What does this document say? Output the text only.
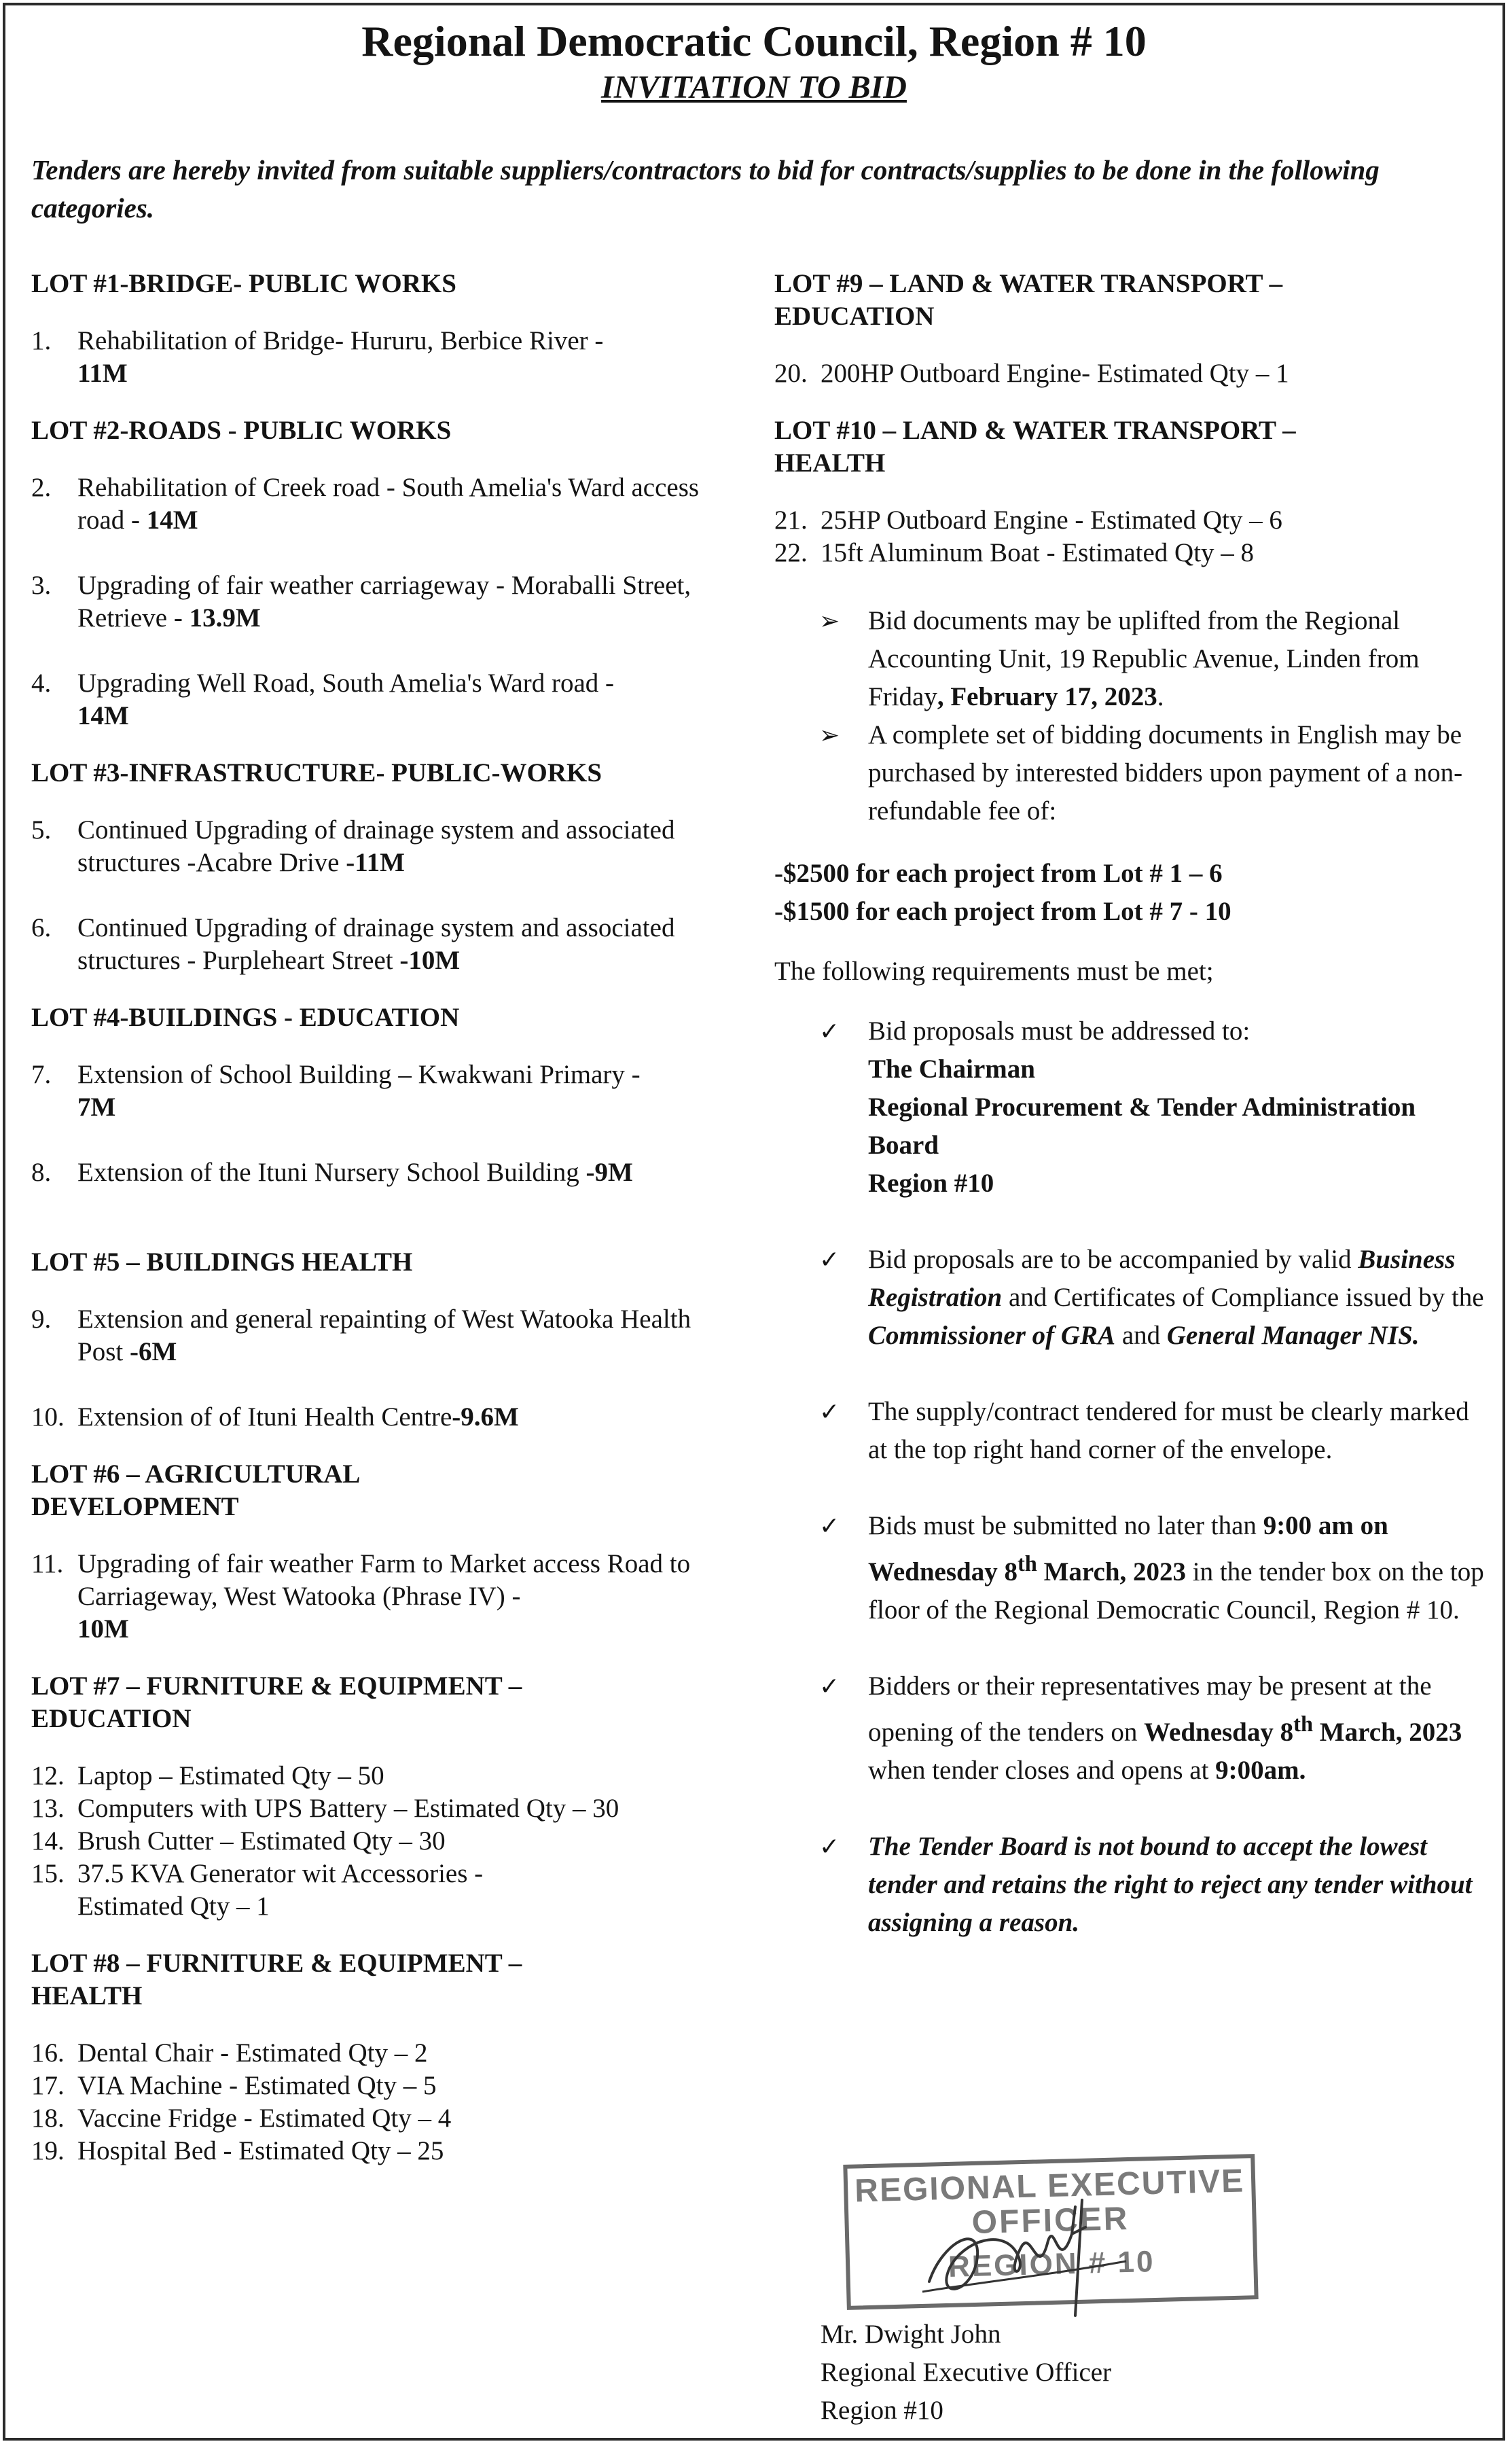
Regional Democratic Council, Region # 10
INVITATION TO BID
Tenders are hereby invited from suitable suppliers/contractors to bid for contracts/supplies to be done in the following categories.

LOT #1-BRIDGE- PUBLIC WORKS

1. Rehabilitation of Bridge- Hururu, Berbice River -
11M

LOT #2-ROADS - PUBLIC WORKS

2. Rehabilitation of Creek road - South Amelia's Ward access road - 14M
3. Upgrading of fair weather carriageway - Moraballi Street, Retrieve - 13.9M
4. Upgrading Well Road, South Amelia's Ward road -
14M

LOT #3-INFRASTRUCTURE- PUBLIC-WORKS

5. Continued Upgrading of drainage system and associated structures -Acabre Drive -11M
6. Continued Upgrading of drainage system and associated structures - Purpleheart Street -10M

LOT #4-BUILDINGS - EDUCATION

7. Extension of School Building – Kwakwani Primary -
7M
8. Extension of the Ituni Nursery School Building -9M

LOT #5 – BUILDINGS HEALTH

9. Extension and general repainting of West Watooka Health Post -6M
10. Extension of of Ituni Health Centre-9.6M

LOT #6 – AGRICULTURAL DEVELOPMENT

11. Upgrading of fair weather Farm to Market access Road to Carriageway, West Watooka (Phrase IV) -
10M

LOT #7 – FURNITURE & EQUIPMENT – EDUCATION

12. Laptop – Estimated Qty – 50
13. Computers with UPS Battery – Estimated Qty – 30
14. Brush Cutter – Estimated Qty – 30
15. 37.5 KVA Generator wit Accessories - Estimated Qty – 1

LOT #8 – FURNITURE & EQUIPMENT – HEALTH

16. Dental Chair - Estimated Qty – 2
17. VIA Machine - Estimated Qty – 5
18. Vaccine Fridge - Estimated Qty – 4
19. Hospital Bed - Estimated Qty – 25

LOT #9 – LAND & WATER TRANSPORT – EDUCATION

20. 200HP Outboard Engine- Estimated Qty – 1

LOT #10 – LAND & WATER TRANSPORT – HEALTH

21. 25HP Outboard Engine - Estimated Qty – 6
22. 15ft Aluminum Boat - Estimated Qty – 8
➢ Bid documents may be uplifted from the Regional Accounting Unit, 19 Republic Avenue, Linden from Friday, February 17, 2023.
➢ A complete set of bidding documents in English may be purchased by interested bidders upon payment of a non-refundable fee of:
-$2500 for each project from Lot # 1 – 6
-$1500 for each project from Lot # 7 - 10
The following requirements must be met;
✓ Bid proposals must be addressed to:
The Chairman
Regional Procurement & Tender Administration Board
Region #10
✓ Bid proposals are to be accompanied by valid Business Registration and Certificates of Compliance issued by the Commissioner of GRA and General Manager NIS.
✓ The supply/contract tendered for must be clearly marked at the top right hand corner of the envelope.
✓ Bids must be submitted no later than 9:00 am on Wednesday 8th March, 2023 in the tender box on the top floor of the Regional Democratic Council, Region # 10.
✓ Bidders or their representatives may be present at the opening of the tenders on Wednesday 8th March, 2023 when tender closes and opens at 9:00am.
✓ The Tender Board is not bound to accept the lowest tender and retains the right to reject any tender without assigning a reason.
REGIONAL EXECUTIVE
OFFICER
REGION # 10
Mr. Dwight John
Regional Executive Officer
Region #10
